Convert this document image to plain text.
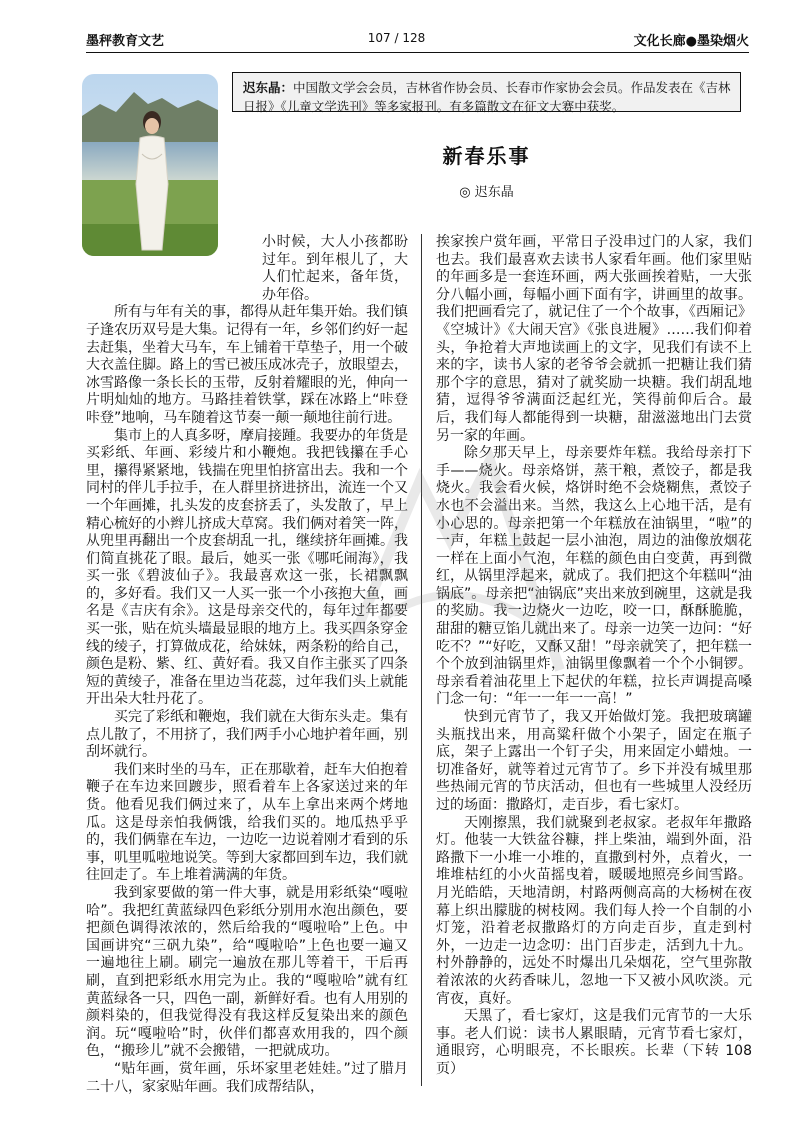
墨秤教育文艺	107 / 128	文化长廊●墨染烟火
迟东晶：中国散文学会会员，吉林省作协会员、长春市作家协会会员。作品发表在《吉林日报》《儿童文学选刊》等多家报刊。有多篇散文在征文大赛中获奖。
新春乐事
◎ 迟东晶

小时候，大人小孩都盼过年。到年根儿了，大人们忙起来，备年货，办年俗。

所有与年有关的事，都得从赶年集开始。我们镇子逢农历双号是大集。记得有一年，乡邻们约好一起去赶集，坐着大马车，车上铺着干草垫子，用一个破大衣盖住脚。路上的雪已被压成冰壳子，放眼望去，冰雪路像一条长长的玉带，反射着耀眼的光，伸向一片明灿灿的地方。马路挂着铁掌，踩在冰路上“咔登咔登”地响，马车随着这节奏一颠一颠地往前行进。

集市上的人真多呀，摩肩接踵。我要办的年货是买彩纸、年画、彩绫片和小鞭炮。我把钱攥在手心里，攥得紧紧地，钱揣在兜里怕挤富出去。我和一个同村的伴儿手拉手，在人群里挤进挤出，流连一个又一个年画摊，扎头发的皮套挤丢了，头发散了，早上精心梳好的小辫儿挤成大草窝。我们俩对着笑一阵，从兜里再翻出一个皮套胡乱一扎，继续挤年画摊。我们简直挑花了眼。最后，她买一张《哪吒闹海》，我买一张《碧波仙子》。我最喜欢这一张，长裙飘飘的，多好看。我们又一人买一张一个小孩抱大鱼，画名是《吉庆有余》。这是母亲交代的，每年过年都要买一张，贴在炕头墙最显眼的地方上。我买四条穿金线的绫子，打算做成花，给妹妹，两条粉的给自己，颜色是粉、紫、红、黄好看。我又自作主张买了四条短的黄绫子，准备在里边当花蕊，过年我们头上就能开出朵大牡丹花了。

买完了彩纸和鞭炮，我们就在大街东头走。集有点儿散了，不用挤了，我们两手小心地护着年画，别刮坏就行。

我们来时坐的马车，正在那歇着，赶车大伯抱着鞭子在车边来回踱步，照看着车上各家送过来的年货。他看见我们俩过来了，从车上拿出来两个烤地瓜。这是母亲怕我俩饿，给我们买的。地瓜热乎乎的，我们俩靠在车边，一边吃一边说着刚才看到的乐事，叽里呱啦地说笑。等到大家都回到车边，我们就往回走了。车上堆着满满的年货。

我到家要做的第一件大事，就是用彩纸染“嘎啦哈”。我把红黄蓝绿四色彩纸分别用水泡出颜色，要把颜色调得浓浓的，然后给我的“嘎啦哈”上色。中国画讲究“三矾九染”，给“嘎啦哈”上色也要一遍又一遍地往上刷。刷完一遍放在那儿等着干，干后再刷，直到把彩纸水用完为止。我的“嘎啦哈”就有红黄蓝绿各一只，四色一副，新鲜好看。也有人用别的颜料染的，但我觉得没有我这样反复染出来的颜色润。玩“嘎啦哈”时，伙伴们都喜欢用我的，四个颜色，“搬珍儿”就不会搬错，一把就成功。

“贴年画，赏年画，乐坏家里老娃娃。”过了腊月二十八，家家贴年画。我们成帮结队，

挨家挨户赏年画，平常日子没串过门的人家，我们也去。我们最喜欢去读书人家看年画。他们家里贴的年画多是一套连环画，两大张画挨着贴，一大张分八幅小画，每幅小画下面有字，讲画里的故事。我们把画看完了，就记住了一个个故事，《西厢记》《空城计》《大闹天宫》《张良进履》……我们仰着头，争抢着大声地读画上的文字，见我们有读不上来的字，读书人家的老爷爷会就抓一把糖让我们猜那个字的意思，猜对了就奖励一块糖。我们胡乱地猜，逗得爷爷满面泛起红光，笑得前仰后合。最后，我们每人都能得到一块糖，甜滋滋地出门去赏另一家的年画。

除夕那天早上，母亲要炸年糕。我给母亲打下手——烧火。母亲烙饼，蒸干粮，煮饺子，都是我烧火。我会看火候，烙饼时绝不会烧糊焦，煮饺子水也不会溢出来。当然，我这么上心地干活，是有小心思的。母亲把第一个年糕放在油锅里，“啦”的一声，年糕上鼓起一层小油泡，周边的油像放烟花一样在上面小气泡，年糕的颜色由白变黄，再到微红，从锅里浮起来，就成了。我们把这个年糕叫“油锅底”。母亲把“油锅底”夹出来放到碗里，这就是我的奖励。我一边烧火一边吃，咬一口，酥酥脆脆，甜甜的糖豆馅儿就出来了。母亲一边笑一边问：“好吃不？”“好吃，又酥又甜！”母亲就笑了，把年糕一个个放到油锅里炸，油锅里像飘着一个个小铜锣。母亲看着油花里上下起伏的年糕，拉长声调提高嗓门念一句：“年一一年一一高！”

快到元宵节了，我又开始做灯笼。我把玻璃罐头瓶找出来，用高粱秆做个小架子，固定在瓶子底，架子上露出一个钉子尖，用来固定小蜡烛。一切准备好，就等着过元宵节了。乡下并没有城里那些热闹元宵的节庆活动，但也有一些城里人没经历过的场面：撒路灯，走百步，看七家灯。

天刚擦黑，我们就聚到老叔家。老叔年年撒路灯。他装一大铁盆谷糠，拌上柴油，端到外面，沿路撒下一小堆一小堆的，直撒到村外，点着火，一堆堆枯红的小火苗摇曳着，暖暖地照亮乡间雪路。月光皓皓，天地清朗，村路两侧高高的大杨树在夜幕上织出朦胧的树枝网。我们每人拎一个自制的小灯笼，沿着老叔撒路灯的方向走百步，直走到村外，一边走一边念叨：出门百步走，活到九十九。村外静静的，远处不时爆出几朵烟花，空气里弥散着浓浓的火药香味儿，忽地一下又被小风吹淡。元宵夜，真好。

天黑了，看七家灯，这是我们元宵节的一大乐事。老人们说：读书人累眼睛，元宵节看七家灯，通眼窍，心明眼亮，不长眼疾。长辈（下转 108 页）
